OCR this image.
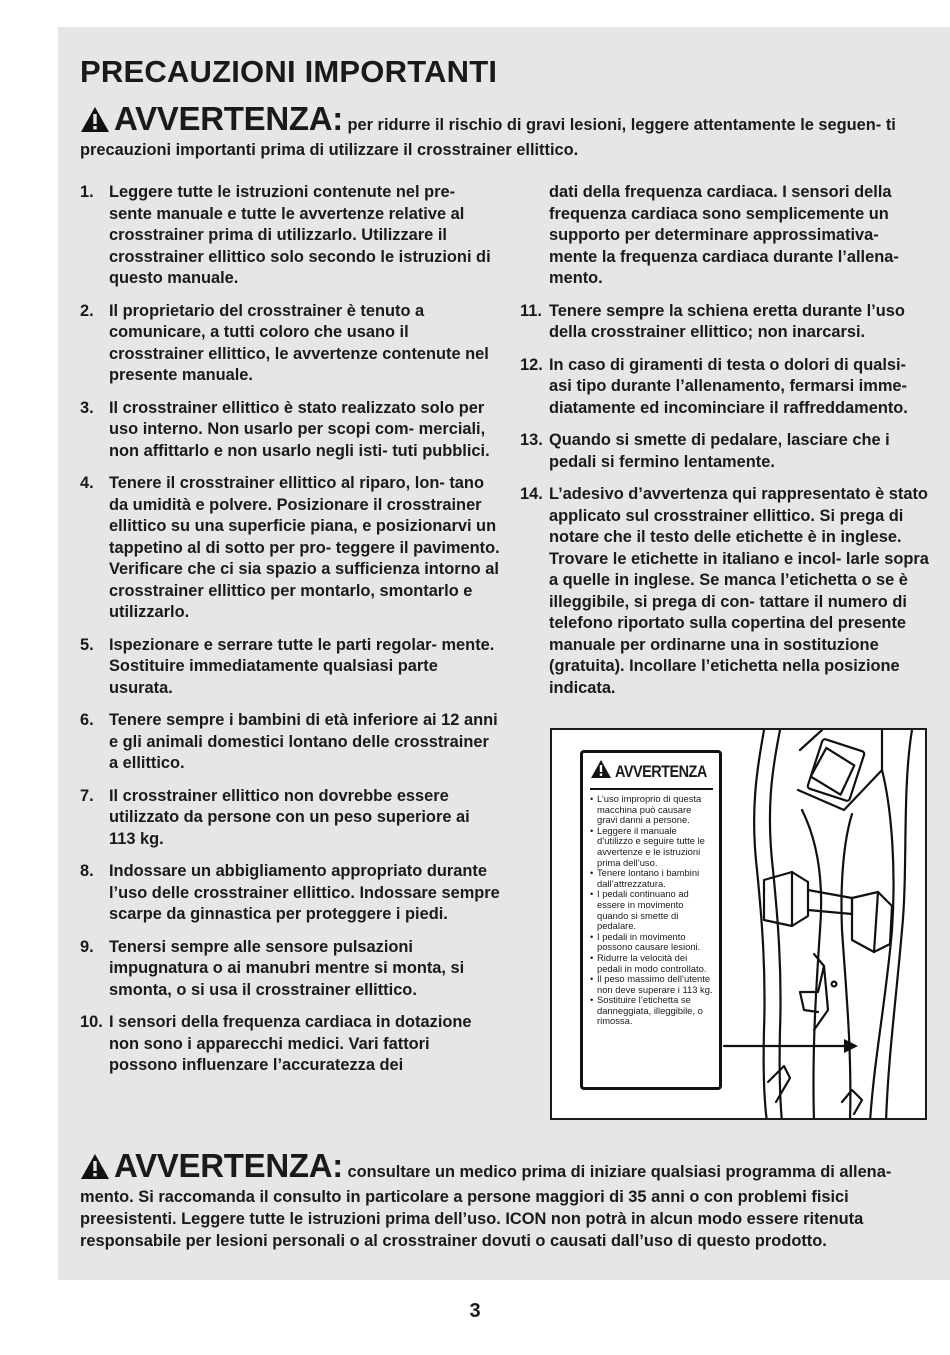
PRECAUZIONI IMPORTANTI
AVVERTENZA: per ridurre il rischio di gravi lesioni, leggere attentamente le seguen- ti precauzioni importanti prima di utilizzare il crosstrainer ellittico.
1. Leggere tutte le istruzioni contenute nel pre- sente manuale e tutte le avvertenze relative al crosstrainer prima di utilizzarlo. Utilizzare il crosstrainer ellittico solo secondo le istruzioni di questo manuale.
2. Il proprietario del crosstrainer è tenuto a comunicare, a tutti coloro che usano il crosstrainer ellittico, le avvertenze contenute nel presente manuale.
3. Il crosstrainer ellittico è stato realizzato solo per uso interno. Non usarlo per scopi com- merciali, non affittarlo e non usarlo negli isti- tuti pubblici.
4. Tenere il crosstrainer ellittico al riparo, lon- tano da umidità e polvere. Posizionare il crosstrainer ellittico su una superficie piana, e posizionarvi un tappetino al di sotto per pro- teggere il pavimento. Verificare che ci sia spazio a sufficienza intorno al crosstrainer ellittico per montarlo, smontarlo e utilizzarlo.
5. Ispezionare e serrare tutte le parti regolar- mente. Sostituire immediatamente qualsiasi parte usurata.
6. Tenere sempre i bambini di età inferiore ai 12 anni e gli animali domestici lontano delle crosstrainer a ellittico.
7. Il crosstrainer ellittico non dovrebbe essere utilizzato da persone con un peso superiore ai 113 kg.
8. Indossare un abbigliamento appropriato durante l’uso delle crosstrainer ellittico. Indossare sempre scarpe da ginnastica per proteggere i piedi.
9. Tenersi sempre alle sensore pulsazioni impugnatura o ai manubri mentre si monta, si smonta, o si usa il crosstrainer ellittico.
10. I sensori della frequenza cardiaca in dotazione non sono i apparecchi medici. Vari fattori possono influenzare l’accuratezza dei
dati della frequenza cardiaca. I sensori della frequenza cardiaca sono semplicemente un supporto per determinare approssimativa- mente la frequenza cardiaca durante l’allena- mento.
11. Tenere sempre la schiena eretta durante l’uso della crosstrainer ellittico; non inarcarsi.
12. In caso di giramenti di testa o dolori di qualsi- asi tipo durante l’allenamento, fermarsi imme- diatamente ed incominciare il raffreddamento.
13. Quando si smette di pedalare, lasciare che i pedali si fermino lentamente.
14. L’adesivo d’avvertenza qui rappresentato è stato applicato sul crosstrainer ellittico. Si prega di notare che il testo delle etichette è in inglese. Trovare le etichette in italiano e incol- larle sopra a quelle in inglese. Se manca l’etichetta o se è illeggibile, si prega di con- tattare il numero di telefono riportato sulla copertina del presente manuale per ordinarne una in sostituzione (gratuita). Incollare l’etichetta nella posizione indicata.
AVVERTENZA
• L’uso improprio di questa macchina può causare gravi danni a persone.
• Leggere il manuale d’utilizzo e seguire tutte le avvertenze e le istruzioni prima dell’uso.
• Tenere lontano i bambini dall’attrezzatura.
• I pedali continuano ad essere in movimento quando si smette di pedalare.
• I pedali in movimento possono causare lesioni.
• Ridurre la velocità dei pedali in modo controllato.
• Il peso massimo dell’utente non deve superare i 113 kg.
• Sostituire l’etichetta se danneggiata, illeggibile, o rimossa.
AVVERTENZA: consultare un medico prima di iniziare qualsiasi programma di allena- mento. Si raccomanda il consulto in particolare a persone maggiori di 35 anni o con problemi fisici preesistenti. Leggere tutte le istruzioni prima dell’uso. ICON non potrà in alcun modo essere ritenuta responsabile per lesioni personali o al crosstrainer dovuti o causati dall’uso di questo prodotto.
3
